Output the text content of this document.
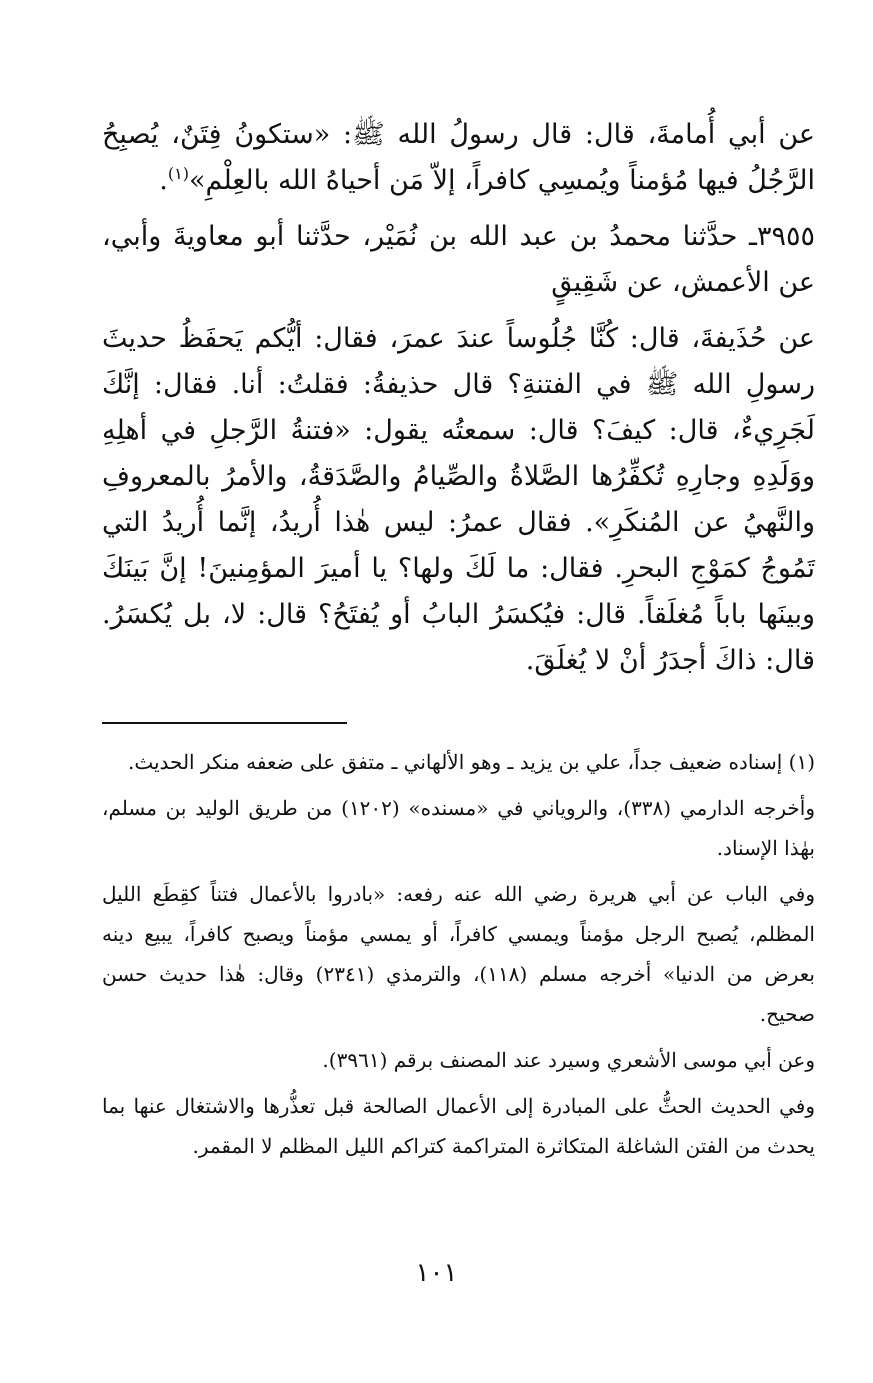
عن أبي أُمامةَ، قال: قال رسولُ الله ﷺ: «ستكونُ فِتَنٌ، يُصبِحُ الرَّجُلُ فيها مُؤمناً ويُمسِي كافراً، إلاّ مَن أحياهُ الله بالعِلْمِ»$^{(١)}$.

٣٩٥٥ـ حدَّثنا محمدُ بن عبد الله بن نُمَيْر، حدَّثنا أبو معاويةَ وأبي، عن الأعمش، عن شَقِيقٍ

عن حُذَيفةَ، قال: كُنَّا جُلُوساً عندَ عمرَ، فقال: أيُّكم يَحفَظُ حديثَ رسولِ الله ﷺ في الفتنةِ؟ قال حذيفةُ: فقلتُ: أنا. فقال: إنَّكَ لَجَرِيءٌ، قال: كيفَ؟ قال: سمعتُه يقول: «فتنةُ الرَّجلِ في أهلِهِ ووَلَدِهِ وجارِهِ تُكفِّرُها الصَّلاةُ والصِّيامُ والصَّدَقةُ، والأمرُ بالمعروفِ والنَّهيُ عن المُنكَرِ». فقال عمرُ: ليس هٰذا أُريدُ، إنَّما أُريدُ التي تَمُوجُ كمَوْجِ البحرِ. فقال: ما لَكَ ولها؟ يا أميرَ المؤمِنينَ! إنَّ بَينَكَ وبينَها باباً مُغلَقاً. قال: فيُكسَرُ البابُ أو يُفتَحُ؟ قال: لا، بل يُكسَرُ. قال: ذاكَ أجدَرُ أنْ لا يُغلَقَ.

(١) إسناده ضعيف جداً، علي بن يزيد ـ وهو الألهاني ـ متفق على ضعفه منكر الحديث.

وأخرجه الدارمي (٣٣٨)، والروياني في «مسنده» (١٢٠٢) من طريق الوليد بن مسلم، بهٰذا الإسناد.

وفي الباب عن أبي هريرة رضي الله عنه رفعه: «بادروا بالأعمال فتناً كقِطَع الليل المظلم، يُصبح الرجل مؤمناً ويمسي كافراً، أو يمسي مؤمناً ويصبح كافراً، يبيع دينه بعرض من الدنيا» أخرجه مسلم (١١٨)، والترمذي (٢٣٤١) وقال: هٰذا حديث حسن صحيح.

وعن أبي موسى الأشعري وسيرد عند المصنف برقم (٣٩٦١).

وفي الحديث الحثُّ على المبادرة إلى الأعمال الصالحة قبل تعذُّرها والاشتغال عنها بما يحدث من الفتن الشاغلة المتكاثرة المتراكمة كتراكم الليل المظلم لا المقمر.

١٠١
